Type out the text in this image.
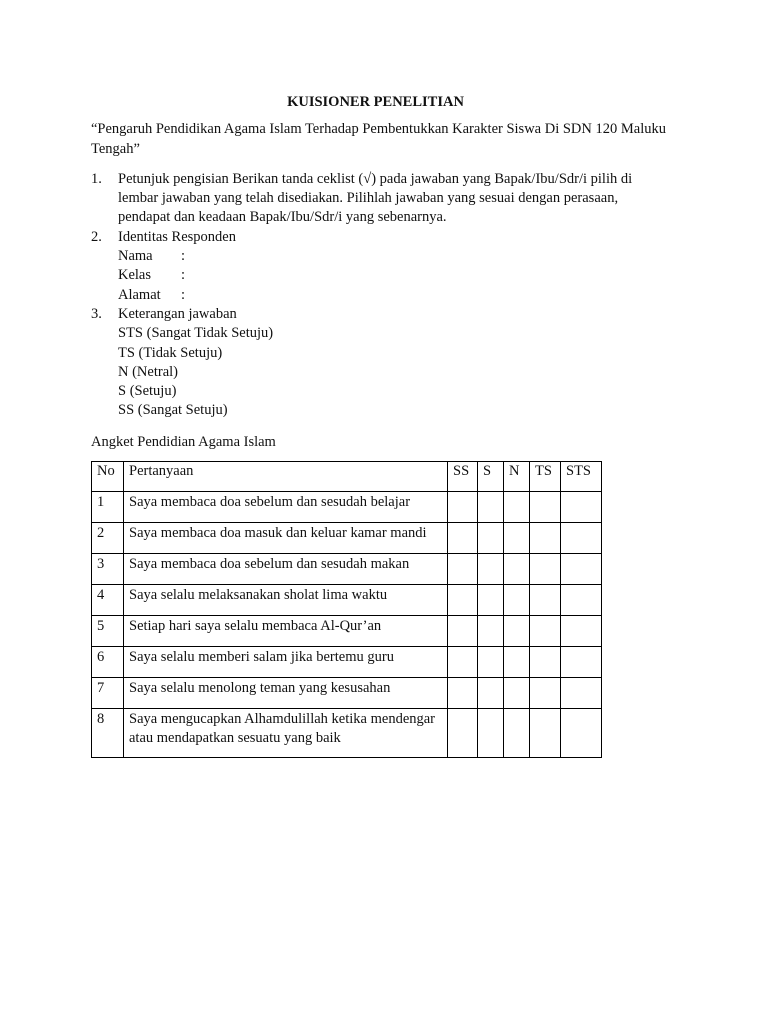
KUISIONER PENELITIAN
“Pengaruh Pendidikan Agama Islam Terhadap Pembentukkan Karakter Siswa Di SDN 120 Maluku Tengah”
1.	Petunjuk pengisian Berikan tanda ceklist (√) pada jawaban yang Bapak/Ibu/Sdr/i pilih di lembar jawaban yang telah disediakan. Pilihlah jawaban yang sesuai dengan perasaan, pendapat dan keadaan Bapak/Ibu/Sdr/i yang sebenarnya.
2.	Identitas Responden
Nama	:
Kelas	:
Alamat	:
3.	Keterangan jawaban
STS (Sangat Tidak Setuju)
TS (Tidak Setuju)
N (Netral)
S (Setuju)
SS (Sangat Setuju)
Angket Pendidian Agama Islam
No	Pertanyaan	SS	S	N	TS	STS
1	Saya membaca doa sebelum dan sesudah belajar					
2	Saya membaca doa masuk dan keluar kamar mandi					
3	Saya membaca doa sebelum dan sesudah makan					
4	Saya selalu melaksanakan sholat lima waktu					
5	Setiap hari saya selalu membaca Al-Qur’an					
6	Saya selalu memberi salam jika bertemu guru					
7	Saya selalu menolong teman yang kesusahan					
8	Saya mengucapkan Alhamdulillah ketika mendengar atau mendapatkan sesuatu yang baik					
